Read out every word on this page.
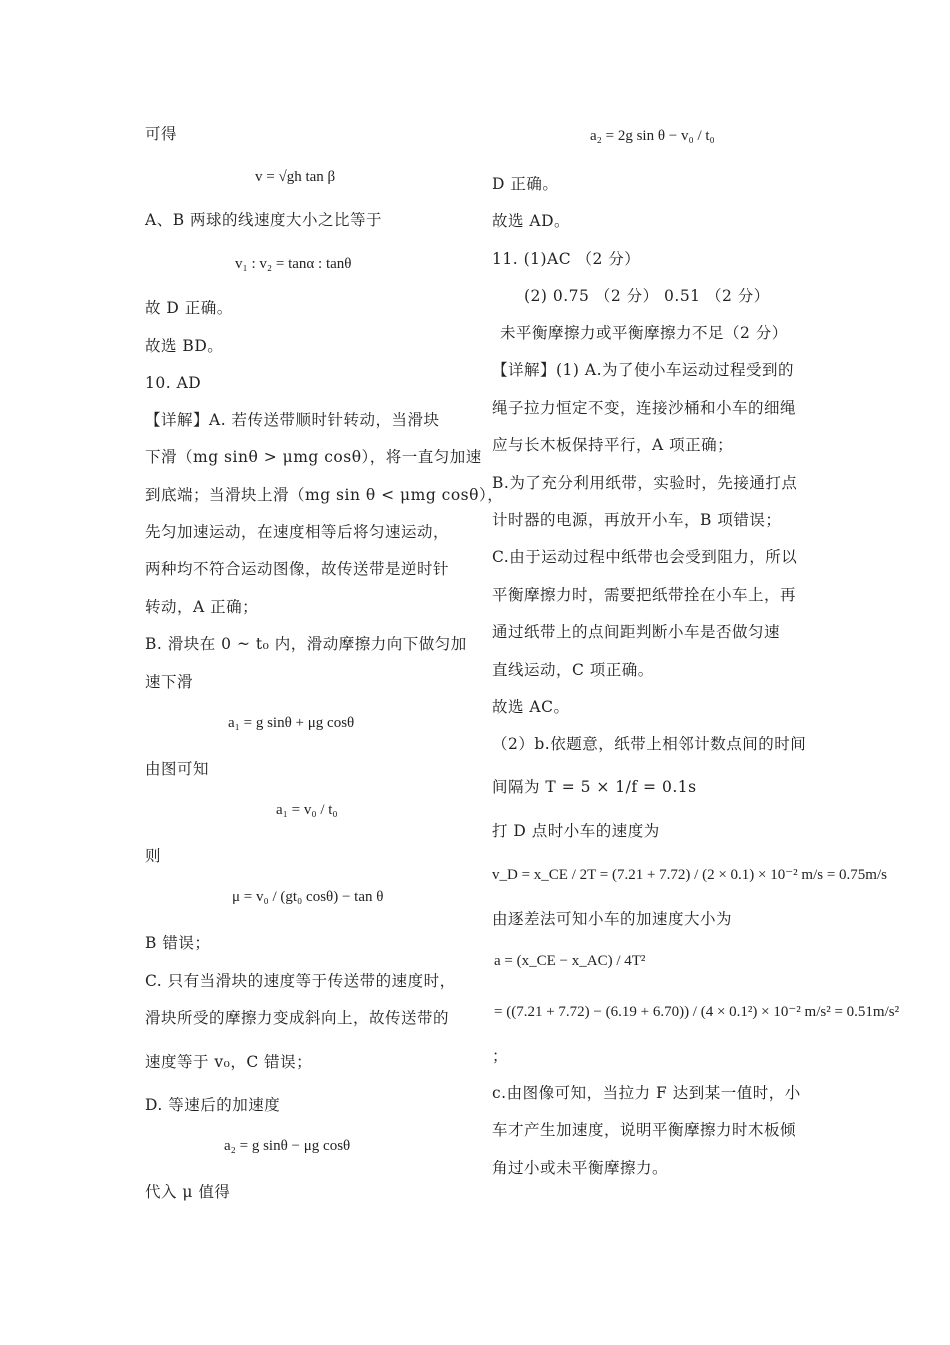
可得
v = √gh tan β
A、B 两球的线速度大小之比等于
v₁ : v₂ = tanα : tanθ
故 D 正确。
故选 BD。
10. AD
【详解】A. 若传送带顺时针转动，当滑块
下滑（mg sinθ > μmg cosθ），将一直匀加速
到底端；当滑块上滑（mg sin θ < μmg cosθ），
先匀加速运动，在速度相等后将匀速运动，
两种均不符合运动图像，故传送带是逆时针
转动，A 正确；
B. 滑块在 0 ~ t₀ 内，滑动摩擦力向下做匀加
速下滑
a₁ = g sinθ + μg cosθ
由图可知
a₁ = v₀ / t₀
则
μ = v₀ / (gt₀ cosθ) − tan θ
B 错误；
C. 只有当滑块的速度等于传送带的速度时，
滑块所受的摩擦力变成斜向上，故传送带的
速度等于 v₀，C 错误；
D. 等速后的加速度
a₂ = g sinθ − μg cosθ
代入 μ 值得
a₂ = 2g sin θ − v₀ / t₀
D 正确。
故选 AD。
11. (1)AC （2 分）
(2) 0.75 （2 分） 0.51 （2 分）
未平衡摩擦力或平衡摩擦力不足（2 分）
【详解】(1) A.为了使小车运动过程受到的
绳子拉力恒定不变，连接沙桶和小车的细绳
应与长木板保持平行，A 项正确；
B.为了充分利用纸带，实验时，先接通打点
计时器的电源，再放开小车，B 项错误；
C.由于运动过程中纸带也会受到阻力，所以
平衡摩擦力时，需要把纸带拴在小车上，再
通过纸带上的点间距判断小车是否做匀速
直线运动，C 项正确。
故选 AC。
（2）b.依题意，纸带上相邻计数点间的时间
间隔为 T = 5 × 1/f = 0.1s
打 D 点时小车的速度为
v_D = x_CE / 2T = (7.21 + 7.72) / (2 × 0.1) × 10⁻² m/s = 0.75m/s
由逐差法可知小车的加速度大小为
a = (x_CE − x_AC) / 4T²
= ((7.21 + 7.72) − (6.19 + 6.70)) / (4 × 0.1²) × 10⁻² m/s² = 0.51m/s²
；
c.由图像可知，当拉力 F 达到某一值时，小
车才产生加速度，说明平衡摩擦力时木板倾
角过小或未平衡摩擦力。
